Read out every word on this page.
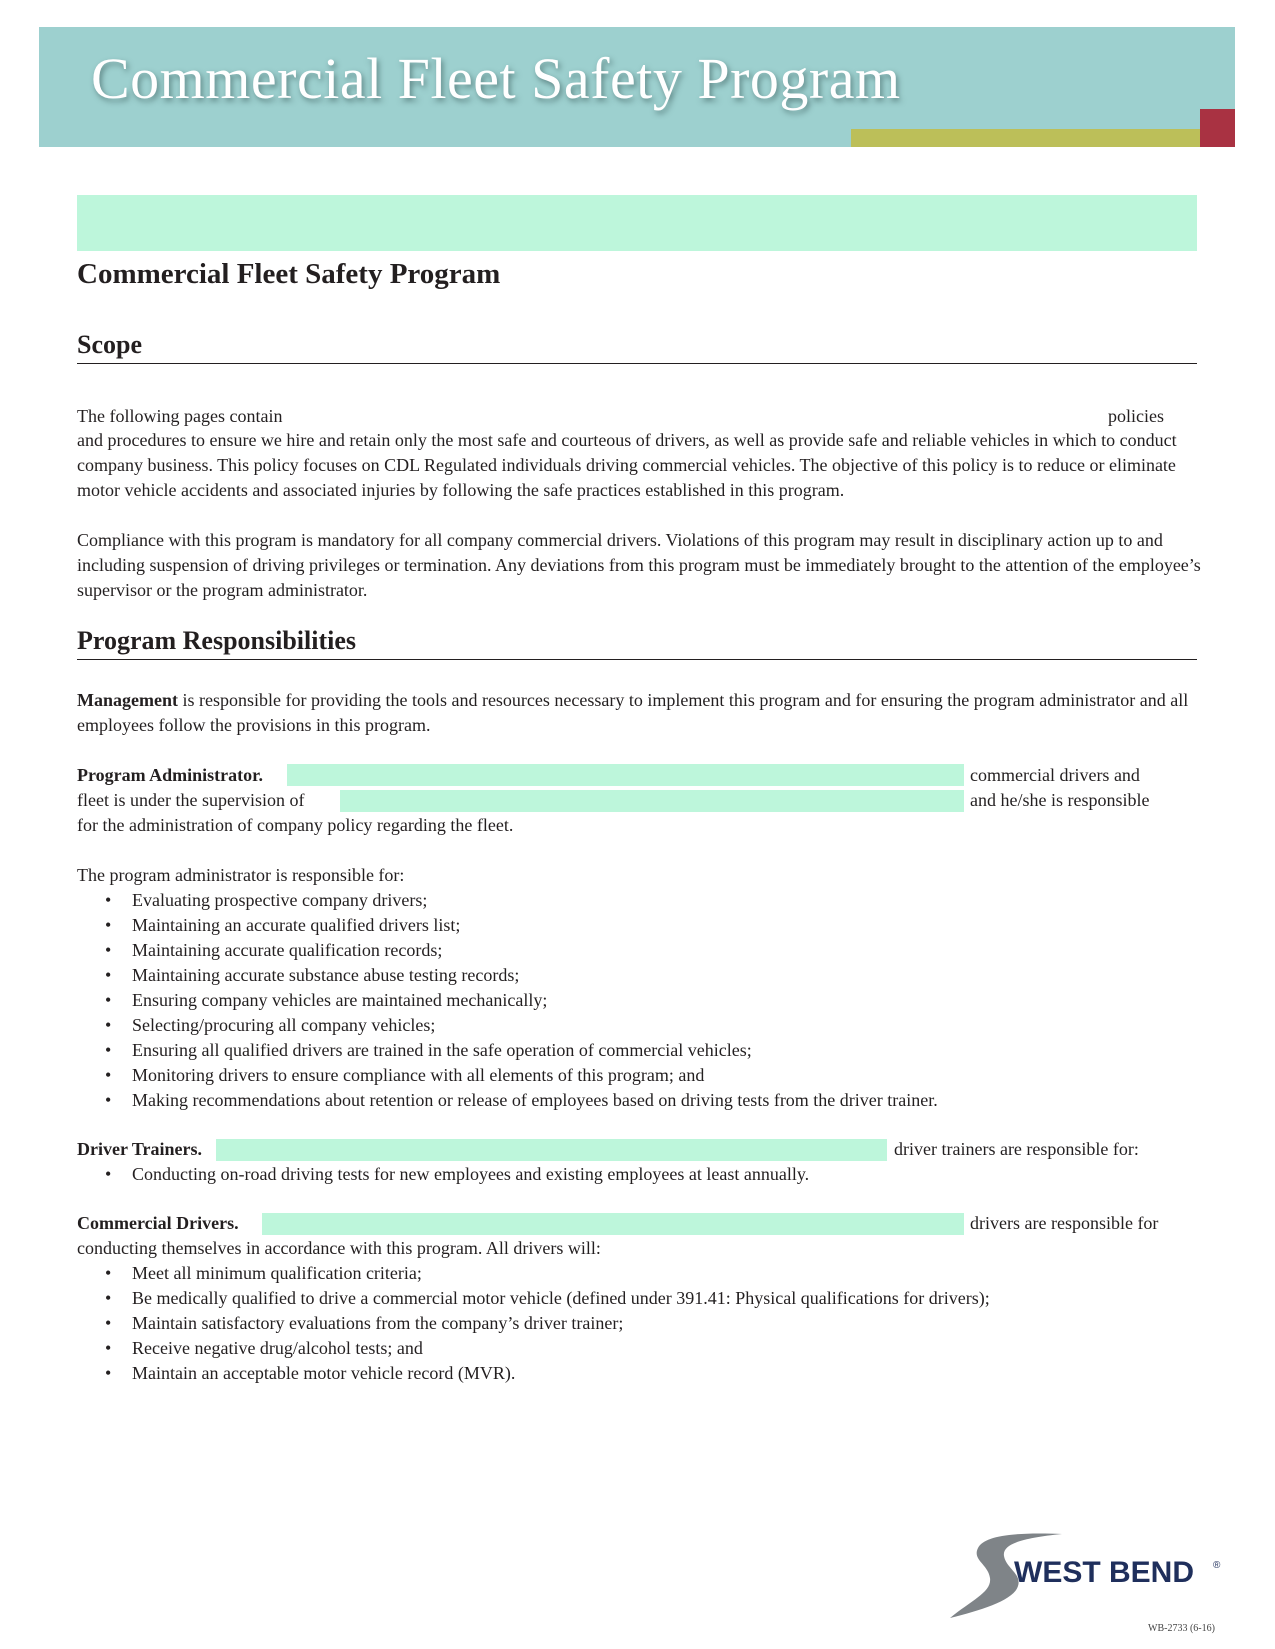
Commercial Fleet Safety Program
Commercial Fleet Safety Program
Scope

The following pages contain	policies

and procedures to ensure we hire and retain only the most safe and courteous of drivers, as well as provide safe and reliable vehicles in which to conduct company business. This policy focuses on CDL Regulated individuals driving commercial vehicles. The objective of this policy is to reduce or eliminate motor vehicle accidents and associated injuries by following the safe practices established in this program.

Compliance with this program is mandatory for all company commercial drivers. Violations of this program may result in disciplinary action up to and including suspension of driving privileges or termination. Any deviations from this program must be immediately brought to the attention of the employee’s supervisor or the program administrator.

Program Responsibilities

Management is responsible for providing the tools and resources necessary to implement this program and for ensuring the program administrator and all employees follow the provisions in this program.

Program Administrator.	commercial drivers and

fleet is under the supervision of	and he/she is responsible

for the administration of company policy regarding the fleet.

The program administrator is responsible for:

• Evaluating prospective company drivers;
• Maintaining an accurate qualified drivers list;
• Maintaining accurate qualification records;
• Maintaining accurate substance abuse testing records;
• Ensuring company vehicles are maintained mechanically;
• Selecting/procuring all company vehicles;
• Ensuring all qualified drivers are trained in the safe operation of commercial vehicles;
• Monitoring drivers to ensure compliance with all elements of this program; and
• Making recommendations about retention or release of employees based on driving tests from the driver trainer.

Driver Trainers.	driver trainers are responsible for:

• Conducting on-road driving tests for new employees and existing employees at least annually.

Commercial Drivers.	drivers are responsible for

conducting themselves in accordance with this program. All drivers will:

• Meet all minimum qualification criteria;
• Be medically qualified to drive a commercial motor vehicle (defined under 391.41: Physical qualifications for drivers);
• Maintain satisfactory evaluations from the company’s driver trainer;
• Receive negative drug/alcohol tests; and
• Maintain an acceptable motor vehicle record (MVR).
WEST BEND ®
WB-2733 (6-16)
